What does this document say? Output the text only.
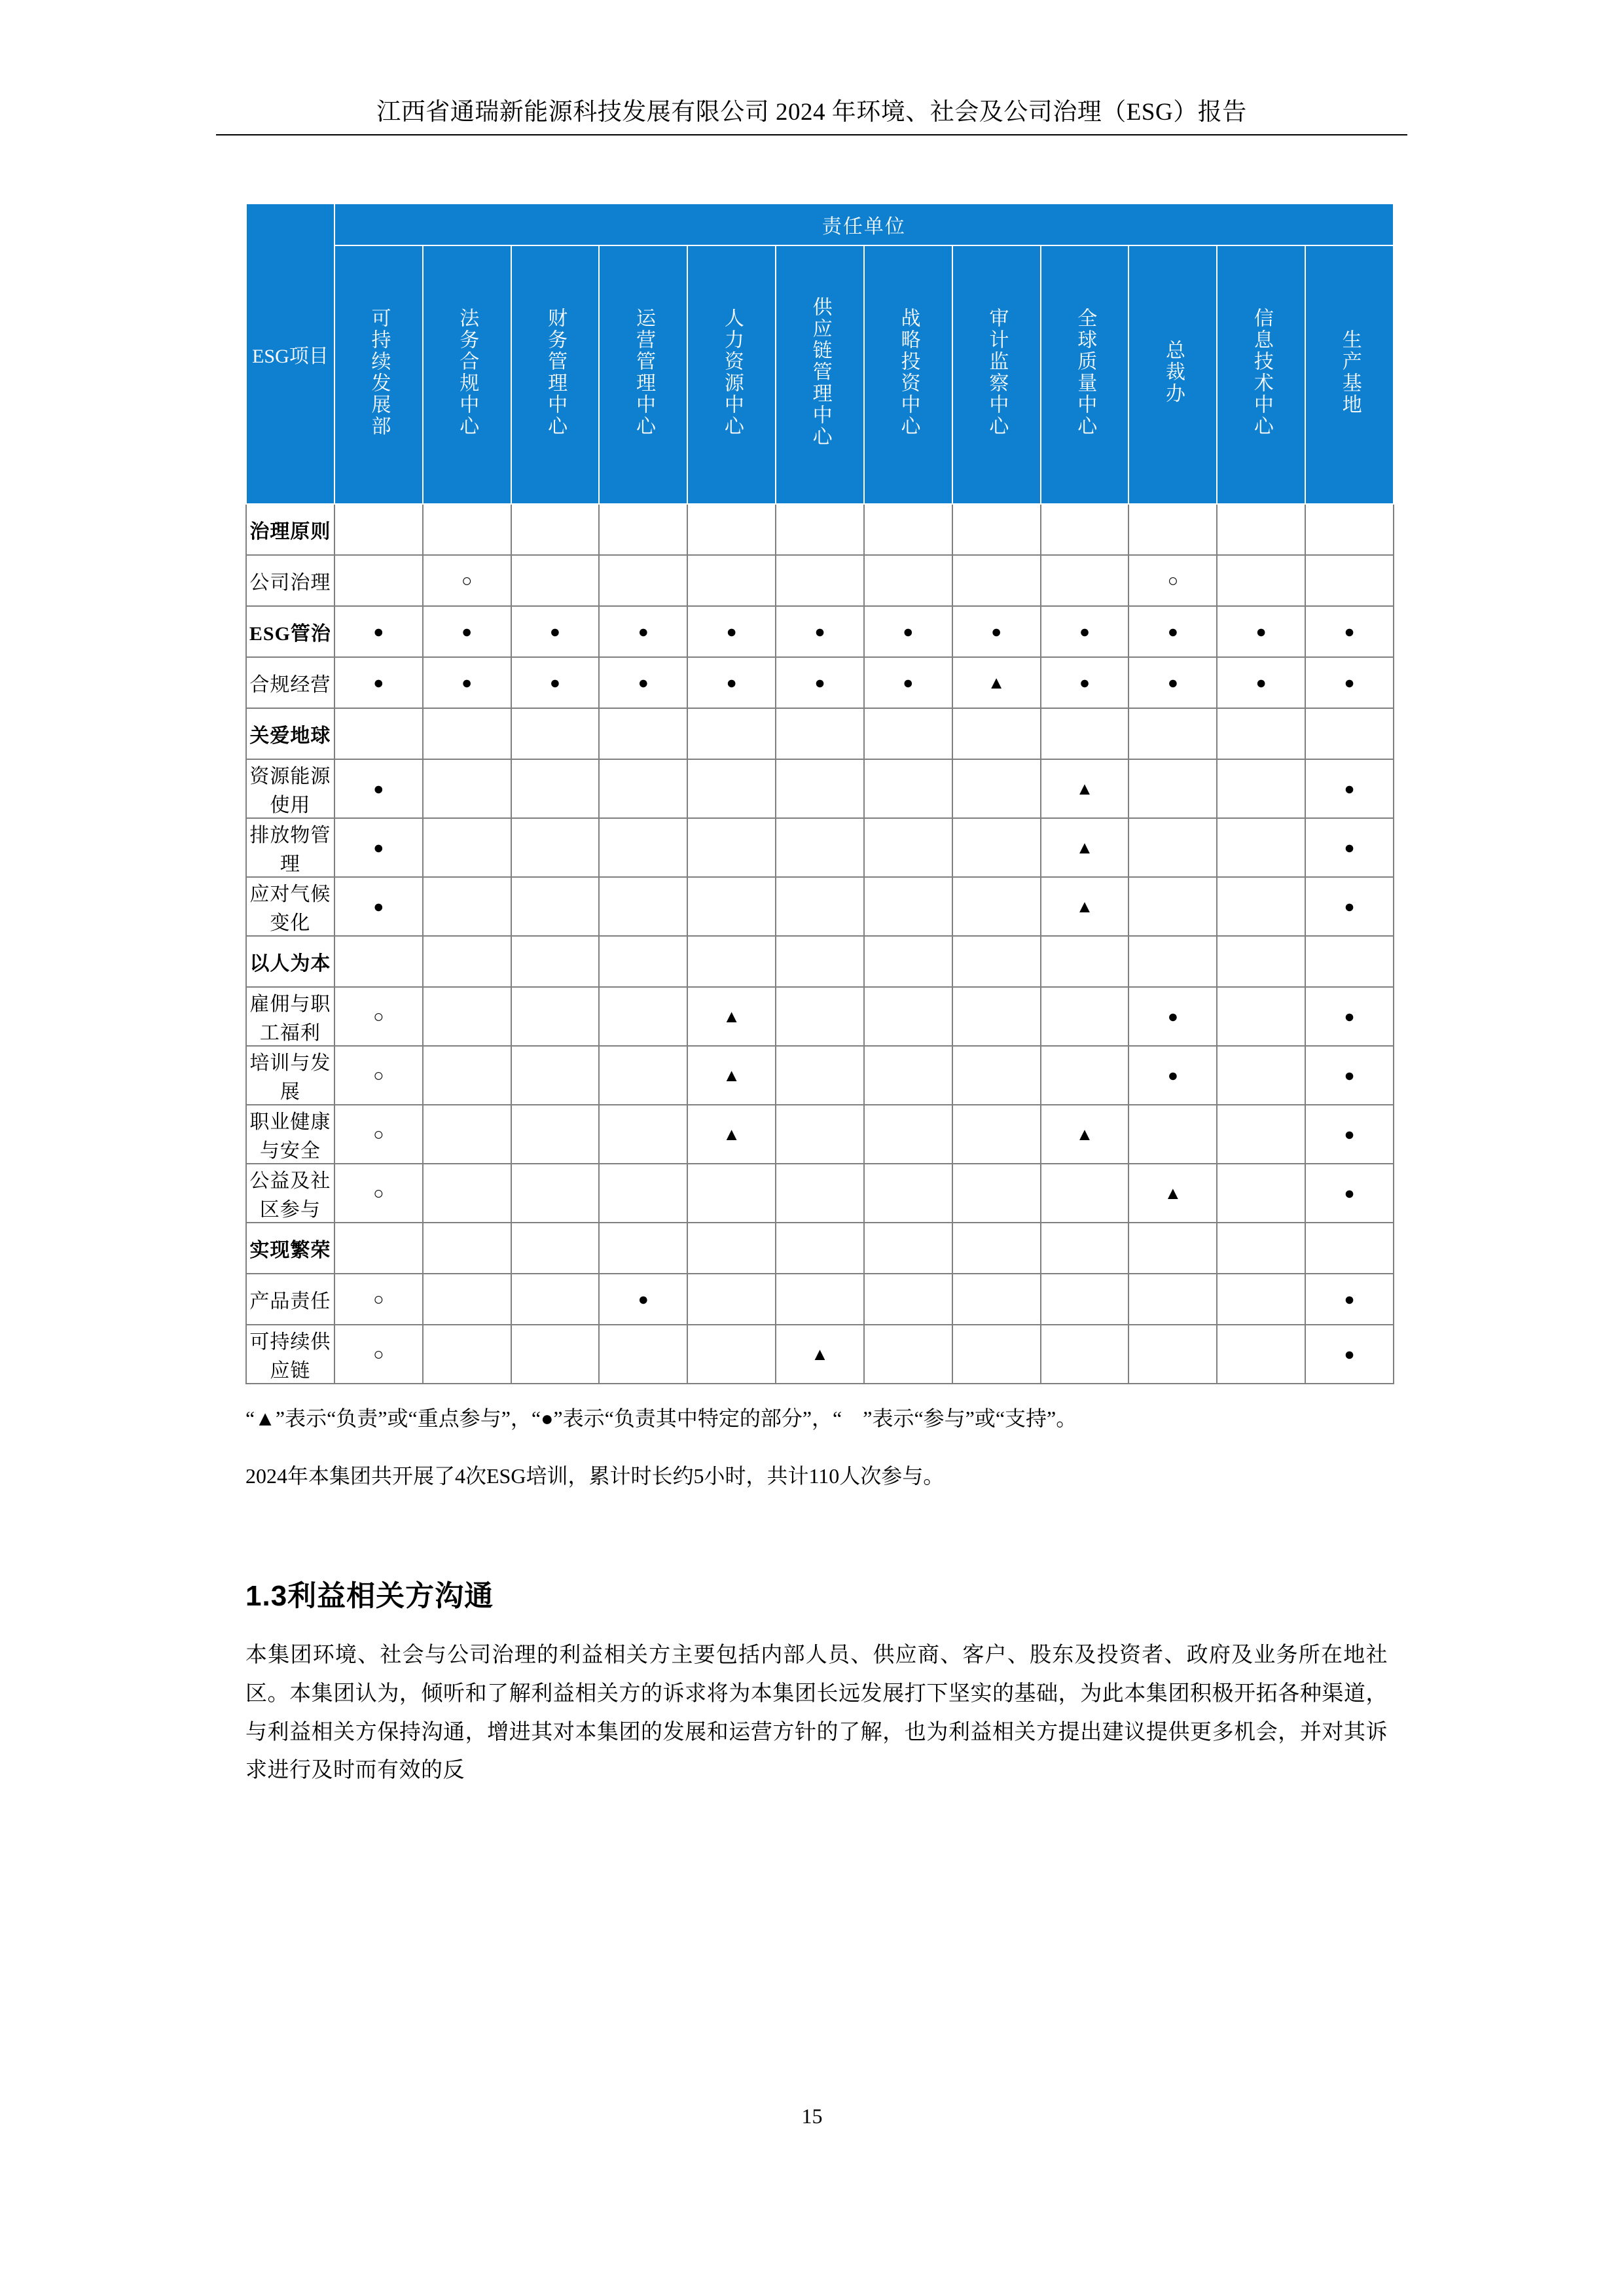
江西省通瑞新能源科技发展有限公司 2024 年环境、社会及公司治理（ESG）报告
ESG项目	责任单位											
	可持续发展部	法务合规中心	财务管理中心	运营管理中心	人力资源中心	供应链管理中心	战略投资中心	审计监察中心	全球质量中心	总裁办	信息技术中心	生产基地
治理原则												
公司治理		○								○		
ESG管治	●	●	●	●	●	●	●	●	●	●	●	●
合规经营	●	●	●	●	●	●	●	▲	●	●	●	●
关爱地球												
资源能源使用	●								▲			●
排放物管理	●								▲			●
应对气候变化	●								▲			●
以人为本												
雇佣与职工福利	○				▲					●		●
培训与发展	○				▲					●		●
职业健康与安全	○				▲				▲			●
公益及社区参与	○									▲		●
实现繁荣												
产品责任	○			●								●
可持续供应链	○					▲						●
“▲”表示“负责”或“重点参与”，“●”表示“负责其中特定的部分”，“　”表示“参与”或“支持”。
2024年本集团共开展了4次ESG培训，累计时长约5小时，共计110人次参与。
1.3利益相关方沟通
本集团环境、社会与公司治理的利益相关方主要包括内部人员、供应商、客户、股东及投资者、政府及业务所在地社区。本集团认为，倾听和了解利益相关方的诉求将为本集团长远发展打下坚实的基础，为此本集团积极开拓各种渠道，与利益相关方保持沟通，增进其对本集团的发展和运营方针的了解，也为利益相关方提出建议提供更多机会，并对其诉求进行及时而有效的反
15
